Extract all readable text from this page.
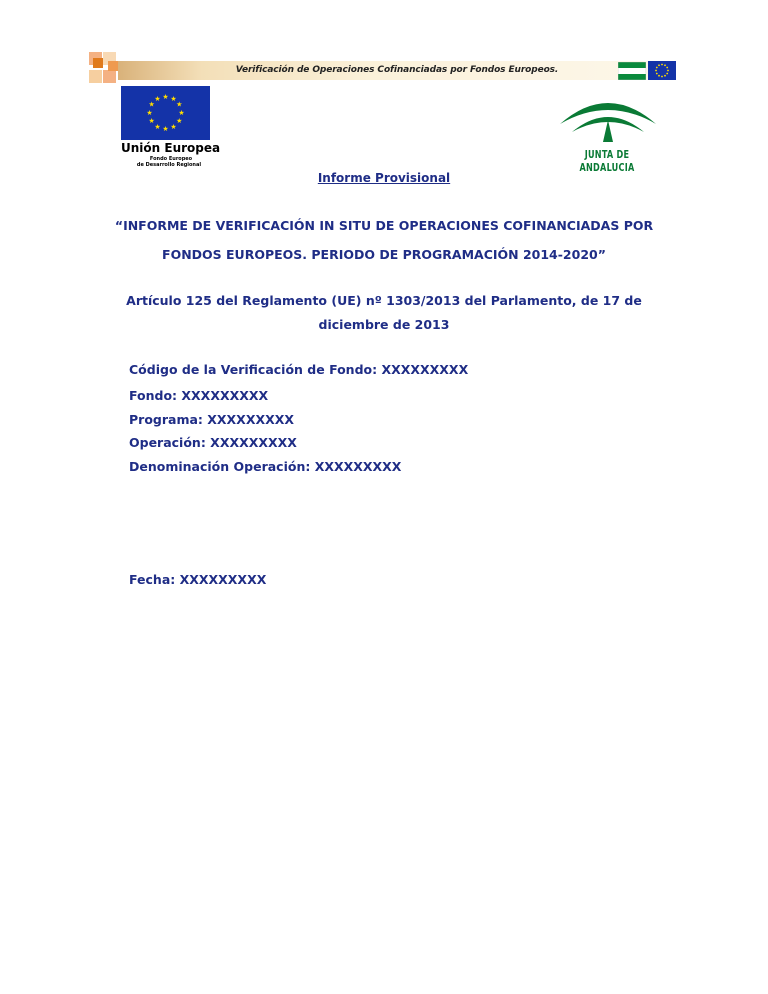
Verificación de Operaciones Cofinanciadas por Fondos Europeos.
★ ★
★
★
★
★
★
★
★
★
★
★
Unión Europea
Fondo Europeo
de Desarrollo Regional
JUNTA DE ANDALUCIA
Informe Provisional
“INFORME DE VERIFICACIÓN IN SITU DE OPERACIONES COFINANCIADAS POR
FONDOS EUROPEOS. PERIODO DE PROGRAMACIÓN 2014-2020”
Artículo 125 del Reglamento (UE) nº 1303/2013 del Parlamento, de 17 de
diciembre de 2013
Código de la Verificación de Fondo: XXXXXXXXX
Fondo: XXXXXXXXX
Programa: XXXXXXXXX
Operación: XXXXXXXXX
Denominación Operación: XXXXXXXXX
Fecha: XXXXXXXXX
